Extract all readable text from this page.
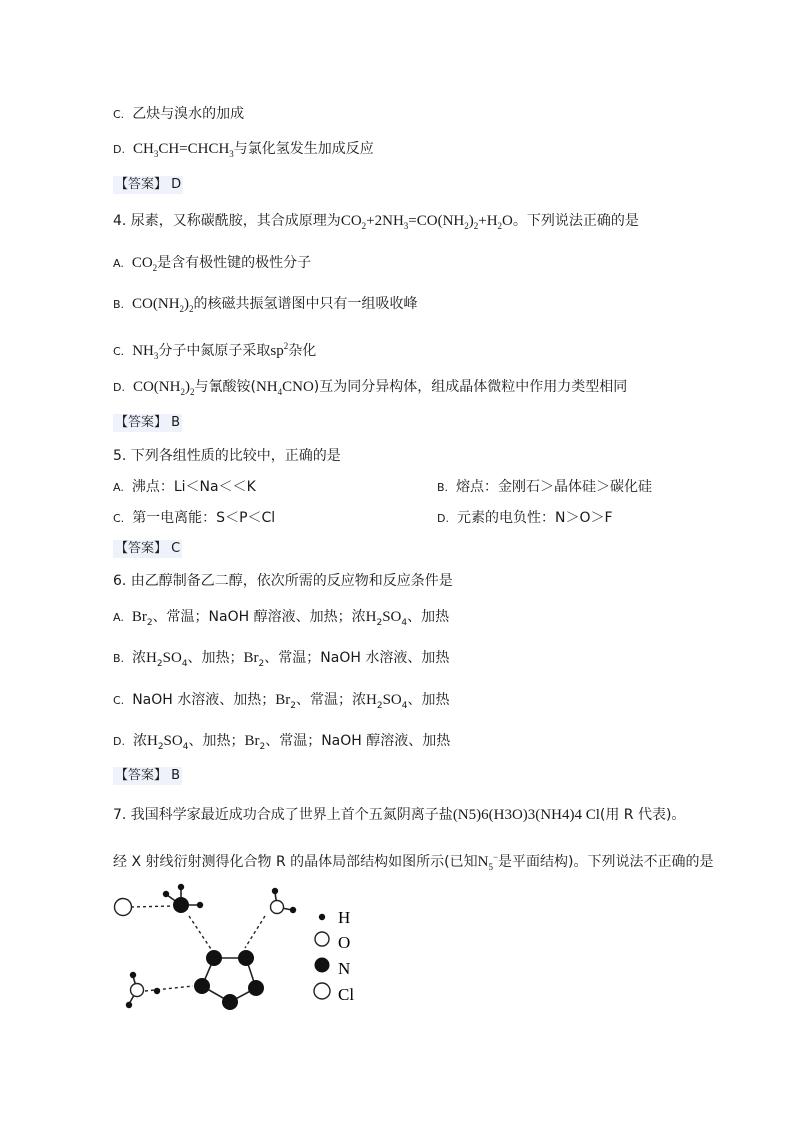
C. 乙炔与溴水的加成
D. $CH_3CH=CHCH_3$与氯化氢发生加成反应
【答案】 D
4. 尿素，又称碳酰胺，其合成原理为$CO_2+2NH_3=CO(NH_2)_2+H_2O$。下列说法正确的是
A. $CO_2$是含有极性键的极性分子
B. $CO(NH_2)_2$的核磁共振氢谱图中只有一组吸收峰
C. $NH_3$分子中氮原子采取$sp^2$杂化
D. $CO(NH_2)_2$与氰酸铵$(NH_4CNO)$互为同分异构体，组成晶体微粒中作用力类型相同
【答案】 B
5. 下列各组性质的比较中，正确的是
A. 沸点：Li＜Na＜＜K	B. 熔点：金刚石＞晶体硅＞碳化硅
C. 第一电离能：S＜P＜Cl	D. 元素的电负性：N＞O＞F
【答案】 C
6. 由乙醇制备乙二醇，依次所需的反应物和反应条件是
A. $Br_2$、常温；NaOH 醇溶液、加热；浓$H_2SO_4$、加热
B. 浓$H_2SO_4$、加热；$Br_2$、常温；NaOH 水溶液、加热
C. NaOH 水溶液、加热；$Br_2$、常温；浓$H_2SO_4$、加热
D. 浓$H_2SO_4$、加热；$Br_2$、常温；NaOH 醇溶液、加热
【答案】 B
7. 我国科学家最近成功合成了世界上首个五氮阴离子盐(N5)6(H3O)3(NH4)4 Cl(用 R 代表)。
经 X 射线衍射测得化合物 R 的晶体局部结构如图所示(已知$N_5^-$是平面结构)。下列说法不正确的是
H
O
N
Cl
